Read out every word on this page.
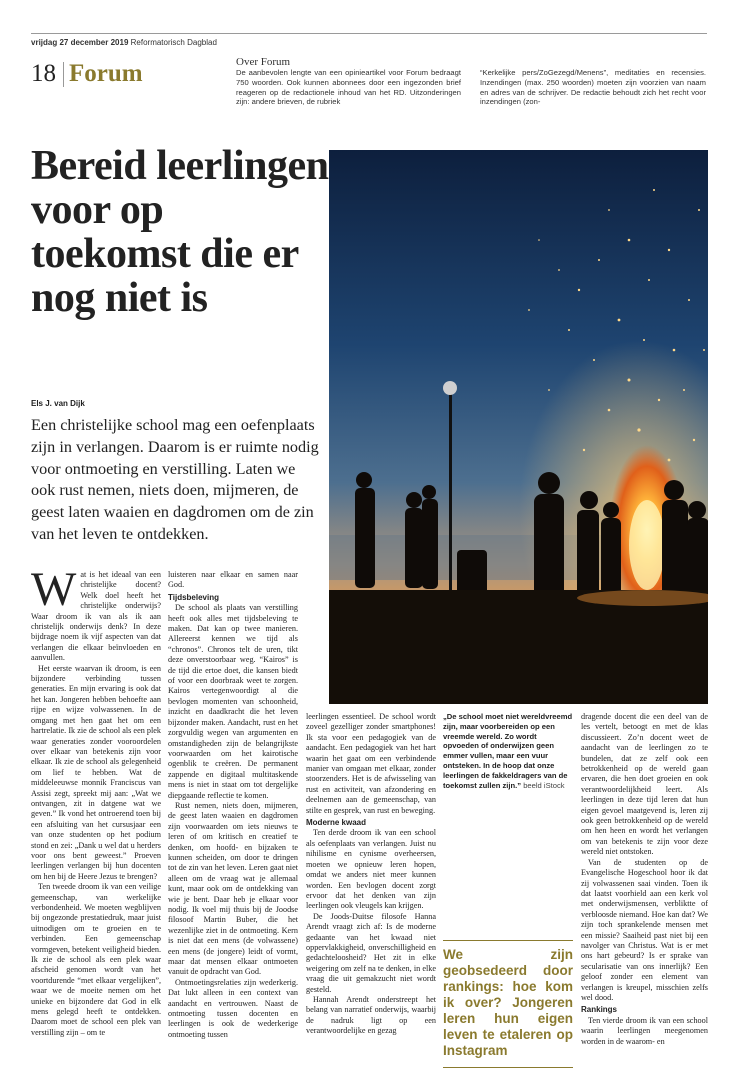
vrijdag 27 december 2019 Reformatorisch Dagblad
18 Forum	Over Forum
De aanbevolen lengte van een opinieartikel voor Forum bedraagt 750 woorden. Ook kunnen abonnees door een ingezonden brief reageren op de redactionele inhoud van het RD. Uitzonderingen zijn: andere brieven, de rubriek
“Kerkelijke pers/ZoGezegd/Menens”, meditaties en recensies. Inzendingen (max. 250 woorden) moeten zijn voorzien van naam en adres van de schrijver. De redactie behoudt zich het recht voor inzendingen (zon-
Bereid leerlingen voor op toekomst die er nog niet is
Els J. van Dijk
Een christelijke school mag een oefenplaats zijn in verlangen. Daarom is er ruimte nodig voor ontmoeting en verstilling. Laten we ook rust nemen, niets doen, mijmeren, de geest laten waaien en dagdromen om de zin van het leven te ontdekken.
W at is het ideaal van een christelijke docent? Welk doel heeft het christelijke onderwijs? Waar droom ik van als ik aan christelijk onderwijs denk? In deze bijdrage noem ik vijf aspecten van dat verlangen die elkaar beïnvloeden en aanvullen.

Het eerste waarvan ik droom, is een bijzondere verbinding tussen generaties. En mijn ervaring is ook dat het kan. Jongeren hebben behoefte aan rijpe en wijze volwassenen. In de omgang met hen gaat het om een hartrelatie. Ik zie de school als een plek waar generaties zonder vooroordelen over elkaar van betekenis zijn voor elkaar. Ik zie de school als gelegenheid om lief te hebben. Wat de middeleeuwse monnik Franciscus van Assisi zegt, spreekt mij aan: „Wat we ontvangen, zit in datgene wat we geven.” Ik vond het ontroerend toen bij een afsluiting van het cursusjaar een van onze studenten op het podium stond en zei: „Dank u wel dat u herders voor ons bent geweest.” Proeven leerlingen verlangen bij hun docenten om hen bij de Heere Jezus te brengen?

Ten tweede droom ik van een veilige gemeenschap, van werkelijke verbondenheid. We moeten wegblijven bij ongezonde prestatiedruk, maar juist uitnodigen om te groeien en te verbinden. Een gemeenschap vormgeven, betekent veiligheid bieden. Ik zie de school als een plek waar afscheid genomen wordt van het voortdurende “met elkaar vergelijken”, waar we de moeite nemen om het unieke en bijzondere dat God in elk mens gelegd heeft te ontdekken. Daarom moet de school een plek van verstilling zijn – om te

luisteren naar elkaar en samen naar God.

Tijdsbeleving

De school als plaats van verstilling heeft ook alles met tijdsbeleving te maken. Dat kan op twee manieren. Allereerst kennen we tijd als “chronos”. Chronos telt de uren, tikt deze onverstoorbaar weg. “Kairos” is de tijd die ertoe doet, die kansen biedt of voor een doorbraak weet te zorgen. Kairos vertegenwoordigt al die bevlogen momenten van schoonheid, inzicht en daadkracht die het leven bijzonder maken. Aandacht, rust en het zorgvuldig wegen van argumenten en omstandigheden zijn de belangrijkste voorwaarden om het kairotische ogenblik te creëren. De permanent zappende en digitaal multitaskende mens is niet in staat om tot dergelijke diepgaande reflectie te komen.

Rust nemen, niets doen, mijmeren, de geest laten waaien en dagdromen zijn voorwaarden om iets nieuws te leren of om kritisch en creatief te denken, om hoofd- en bijzaken te kunnen scheiden, om door te dringen tot de zin van het leven. Leren gaat niet alleen om de vraag wat je allemaal kunt, maar ook om de ontdekking van wie je bent. Daar heb je elkaar voor nodig. Ik voel mij thuis bij de Joodse filosoof Martin Buber, die het wezenlijke ziet in de ontmoeting. Kern is niet dat een mens (de volwassene) een mens (de jongere) leidt of vormt, maar dat mensen elkaar ontmoeten vanuit de opdracht van God.

Ontmoetingsrelaties zijn wederkerig. Dat lukt alleen in een context van aandacht en vertrouwen. Naast de ontmoeting tussen docenten en leerlingen is ook de wederkerige ontmoeting tussen

leerlingen essentieel. De school wordt zoveel gezelliger zonder smartphones! Ik sta voor een pedagogiek van de aandacht. Een pedagogiek van het hart waarin het gaat om een verbindende manier van omgaan met elkaar, zonder stoorzenders. Het is de afwisseling van rust en activiteit, van afzondering en deelnemen aan de gemeenschap, van stilte en gesprek, van rust en beweging.

Moderne kwaad

Ten derde droom ik van een school als oefenplaats van verlangen. Juist nu nihilisme en cynisme overheersen, moeten we opnieuw leren hopen, omdat we anders niet meer kunnen worden. Een bevlogen docent zorgt ervoor dat het denken van zijn leerlingen ook vleugels kan krijgen.

De Joods-Duitse filosofe Hanna Arendt vraagt zich af: Is de moderne gedaante van het kwaad niet oppervlakkigheid, onverschilligheid en gedachteloosheid? Het zit in elke weigering om zelf na te denken, in elke vraag die uit gemakzucht niet wordt gesteld.

Hannah Arendt onderstreept het belang van narratief onderwijs, waarbij de nadruk ligt op een verantwoordelijke en gezag

„De school moet niet wereldvreemd zijn, maar voorbereiden op een vreemde wereld. Zo wordt opvoeden of onderwijzen geen emmer vullen, maar een vuur ontsteken. In de hoop dat onze leerlingen de fakkeldragers van de toekomst zullen zijn.” beeld iStock
We zijn geobsedeerd door rankings: hoe kom ik over? Jongeren leren hun eigen leven te etaleren op Instagram

dragende docent die een deel van de les vertelt, betoogt en met de klas discussieert. Zo’n docent weet de aandacht van de leerlingen zo te bundelen, dat ze zelf ook een betrokkenheid op de wereld gaan ervaren, die hen doet groeien en ook verantwoordelijkheid leert. Als leerlingen in deze tijd leren dat hun eigen gevoel maatgevend is, leren zij ook geen betrokkenheid op de wereld om hen heen en wordt het verlangen om van betekenis te zijn voor deze wereld niet ontstoken.

Van de studenten op de Evangelische Hogeschool hoor ik dat zij volwassenen saai vinden. Toen ik dat laatst voorhield aan een kerk vol met onderwijsmensen, verbliktte of verbloosde niemand. Hoe kan dat? We zijn toch sprankelende mensen met een missie? Saaiheid past niet bij een navolger van Christus. Wat is er met ons hart gebeurd? Is er sprake van secularisatie van ons innerlijk? Een geloof zonder een element van verlangen is kreupel, misschien zelfs wel dood.

Rankings

Ten vierde droom ik van een school waarin leerlingen meegenomen worden in de waarom- en
